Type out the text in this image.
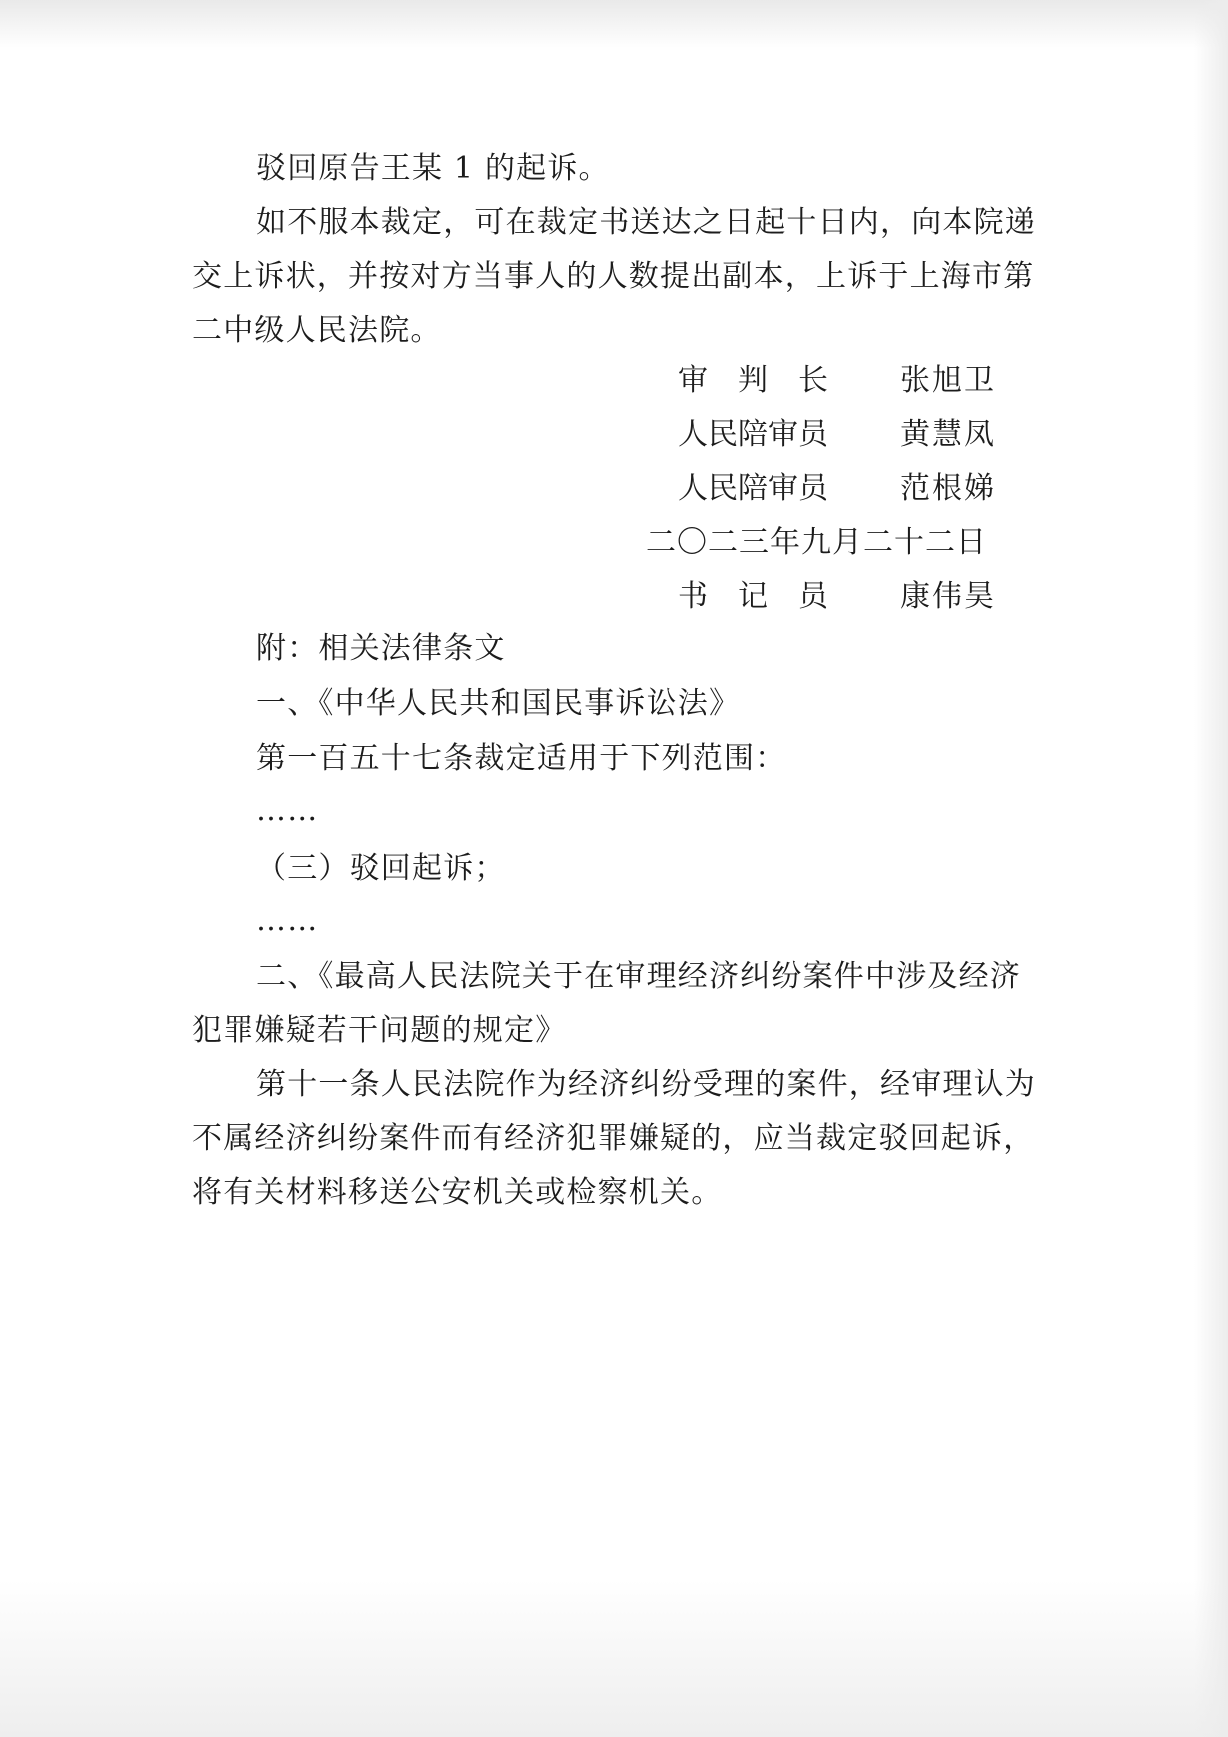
驳回原告王某 1 的起诉。
如不服本裁定，可在裁定书送达之日起十日内，向本院递
交上诉状，并按对方当事人的人数提出副本，上诉于上海市第
二中级人民法院。
审　判　长	张旭卫
人民陪审员	黄慧凤
人民陪审员	范根娣
二〇二三年九月二十二日
书　记　员	康伟昊
附：相关法律条文
一、《中华人民共和国民事诉讼法》
第一百五十七条裁定适用于下列范围：
……
（三）驳回起诉；
……
二、《最高人民法院关于在审理经济纠纷案件中涉及经济
犯罪嫌疑若干问题的规定》
第十一条人民法院作为经济纠纷受理的案件，经审理认为
不属经济纠纷案件而有经济犯罪嫌疑的，应当裁定驳回起诉，
将有关材料移送公安机关或检察机关。
